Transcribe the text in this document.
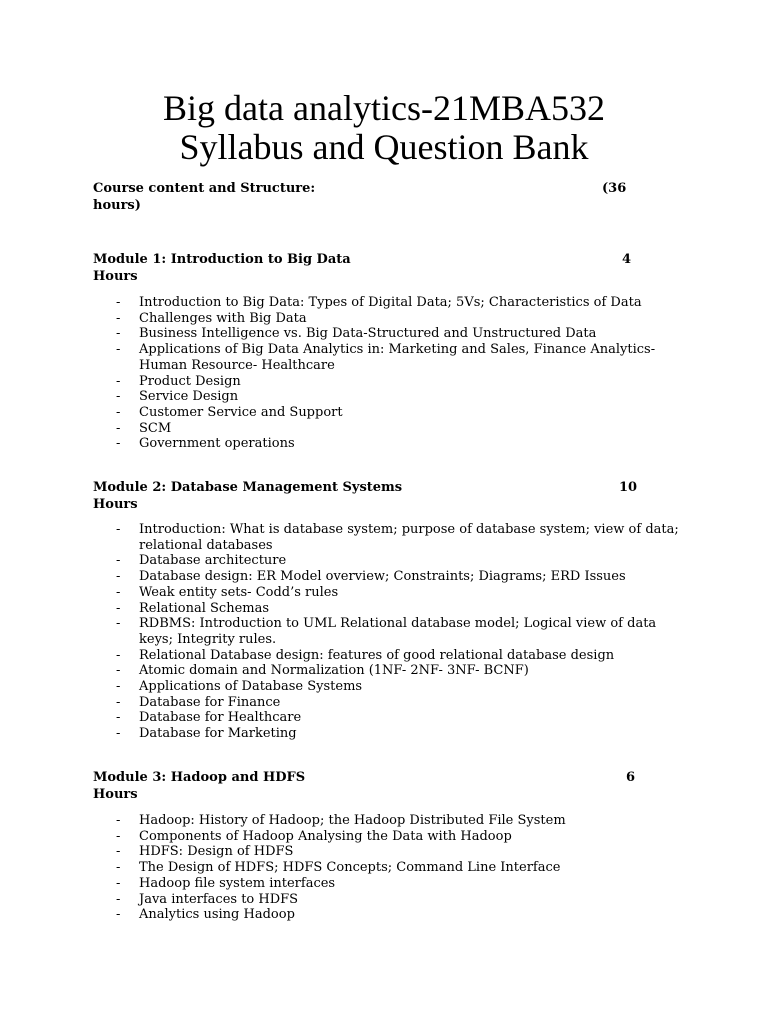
Big data analytics-21MBA532
Syllabus and Question Bank
Course content and Structure:	(36
hours)
Module 1: Introduction to Big Data	4
Hours
- Introduction to Big Data: Types of Digital Data; 5Vs; Characteristics of Data
- Challenges with Big Data
- Business Intelligence vs. Big Data-Structured and Unstructured Data
- Applications of Big Data Analytics in: Marketing and Sales, Finance Analytics- Human Resource- Healthcare
- Product Design
- Service Design
- Customer Service and Support
- SCM
- Government operations
Module 2: Database Management Systems	10
Hours
- Introduction: What is database system; purpose of database system; view of data; relational databases
- Database architecture
- Database design: ER Model overview; Constraints; Diagrams; ERD Issues
- Weak entity sets- Codd’s rules
- Relational Schemas
- RDBMS: Introduction to UML Relational database model; Logical view of data keys; Integrity rules.
- Relational Database design: features of good relational database design
- Atomic domain and Normalization (1NF- 2NF- 3NF- BCNF)
- Applications of Database Systems
- Database for Finance
- Database for Healthcare
- Database for Marketing
Module 3: Hadoop and HDFS	6
Hours
- Hadoop: History of Hadoop; the Hadoop Distributed File System
- Components of Hadoop Analysing the Data with Hadoop
- HDFS: Design of HDFS
- The Design of HDFS; HDFS Concepts; Command Line Interface
- Hadoop file system interfaces
- Java interfaces to HDFS
- Analytics using Hadoop
